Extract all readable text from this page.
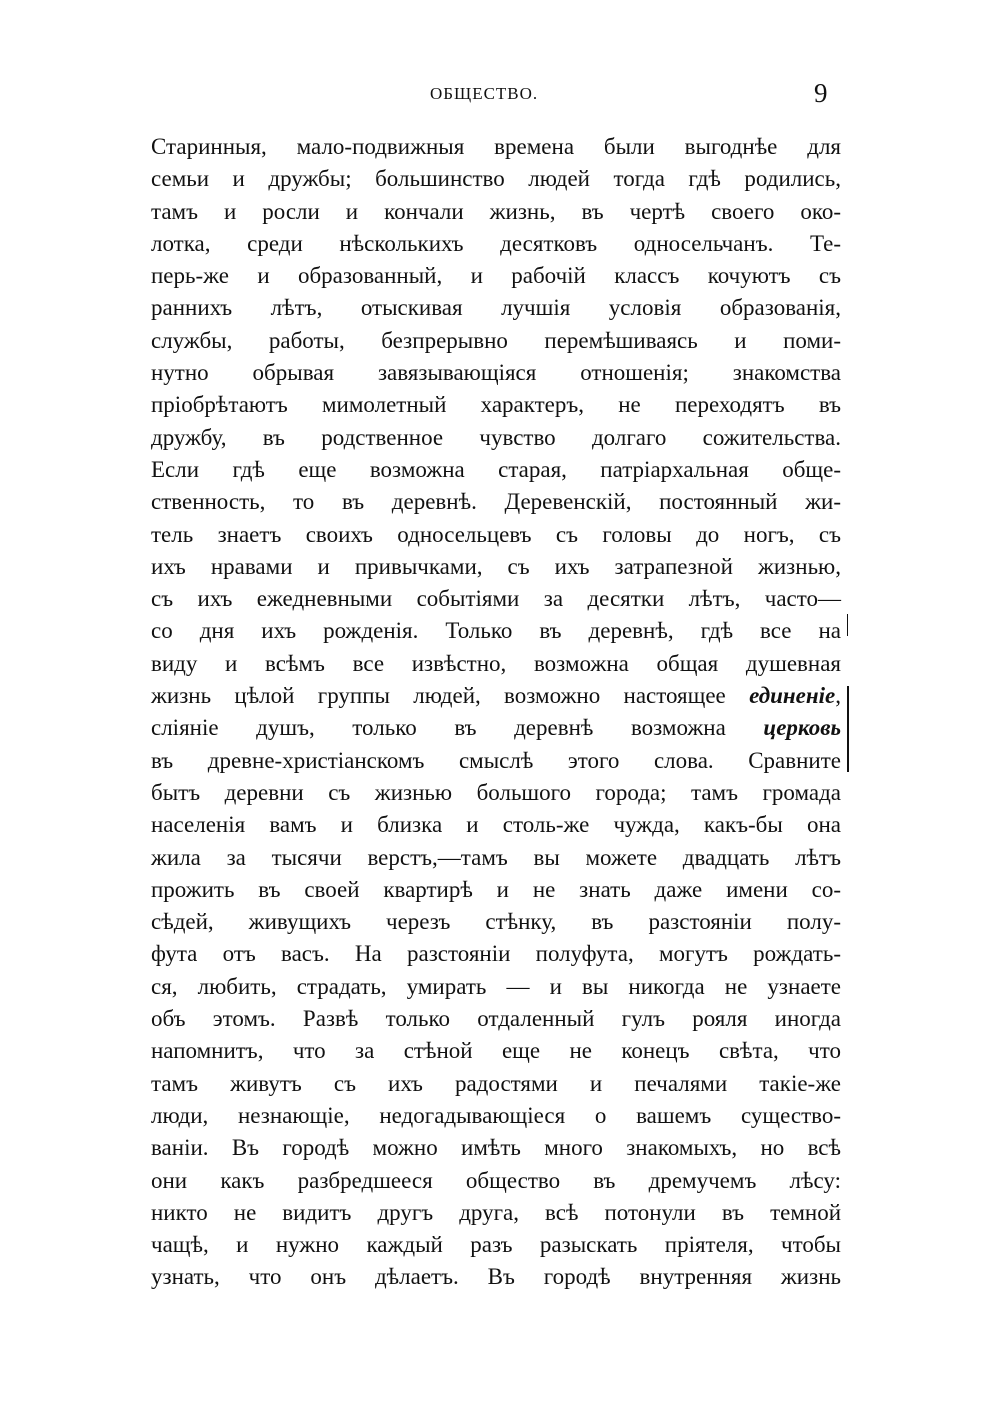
ОБЩЕСТВО.	9
Старинныя, мало-подвижныя времена были выгоднѣе для
семьи и дружбы; большинство людей тогда гдѣ родились,
тамъ и росли и кончали жизнь, въ чертѣ своего око-
лотка, среди нѣсколькихъ десятковъ односельчанъ. Те-
перь-же и образованный, и рабочій классъ кочуютъ съ
раннихъ лѣтъ, отыскивая лучшія условія образованія,
службы, работы, безпрерывно перемѣшиваясь и поми-
нутно обрывая завязывающіяся отношенія; знакомства
пріобрѣтаютъ мимолетный характеръ, не переходятъ въ
дружбу, въ родственное чувство долгаго сожительства.
Если гдѣ еще возможна старая, патріархальная обще-
ственность, то въ деревнѣ. Деревенскій, постоянный жи-
тель знаетъ своихъ односельцевъ съ головы до ногъ, съ
ихъ нравами и привычками, съ ихъ затрапезной жизнью,
съ ихъ ежедневными событіями за десятки лѣтъ, часто—
со дня ихъ рожденія. Только въ деревнѣ, гдѣ все на
виду и всѣмъ все извѣстно, возможна общая душевная
жизнь цѣлой группы людей, возможно настоящее единеніе,
сліяніе душъ, только въ деревнѣ возможна церковь
въ древне-христіанскомъ смыслѣ этого слова. Сравните
бытъ деревни съ жизнью большого города; тамъ громада
населенія вамъ и близка и столь-же чужда, какъ-бы она
жила за тысячи верстъ,—тамъ вы можете двадцать лѣтъ
прожить въ своей квартирѣ и не знать даже имени со-
сѣдей, живущихъ черезъ стѣнку, въ разстояніи полу-
фута отъ васъ. На разстояніи полуфута, могутъ рождать-
ся, любить, страдать, умирать — и вы никогда не узнаете
объ этомъ. Развѣ только отдаленный гулъ рояля иногда
напомнитъ, что за стѣной еще не конецъ свѣта, что
тамъ живутъ съ ихъ радостями и печалями такіе-же
люди, незнающіе, недогадывающіеся о вашемъ существо-
ваніи. Въ городѣ можно имѣть много знакомыхъ, но всѣ
они какъ разбредшееся общество въ дремучемъ лѣсу:
никто не видитъ другъ друга, всѣ потонули въ темной
чащѣ, и нужно каждый разъ разыскать пріятеля, чтобы
узнать, что онъ дѣлаетъ. Въ городѣ внутренняя жизнь
